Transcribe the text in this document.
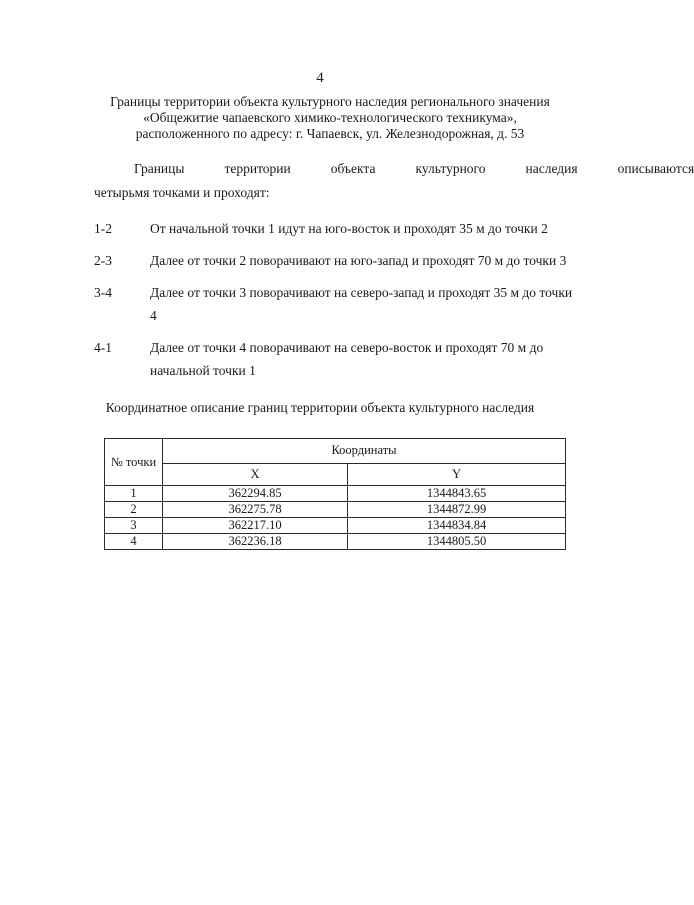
4
Границы территории объекта культурного наследия регионального значения
«Общежитие чапаевского химико-технологического техникума»,
расположенного по адресу: г. Чапаевск, ул. Железнодорожная, д. 53
Границы	территории	объекта	культурного	наследия	описываются
четырьмя точками и проходят:
1-2	От начальной точки 1 идут на юго-восток и проходят 35 м до точки 2
2-3	Далее от точки 2 поворачивают на юго-запад и проходят 70 м до точки 3
3-4	Далее от точки 3 поворачивают на северо-запад и проходят 35 м до точки 4
4-1	Далее от точки 4 поворачивают на северо-восток и проходят 70 м до начальной точки 1
Координатное описание границ территории объекта культурного наследия
№ точки	Координаты	
	X	Y
1	362294.85	1344843.65
2	362275.78	1344872.99
3	362217.10	1344834.84
4	362236.18	1344805.50
